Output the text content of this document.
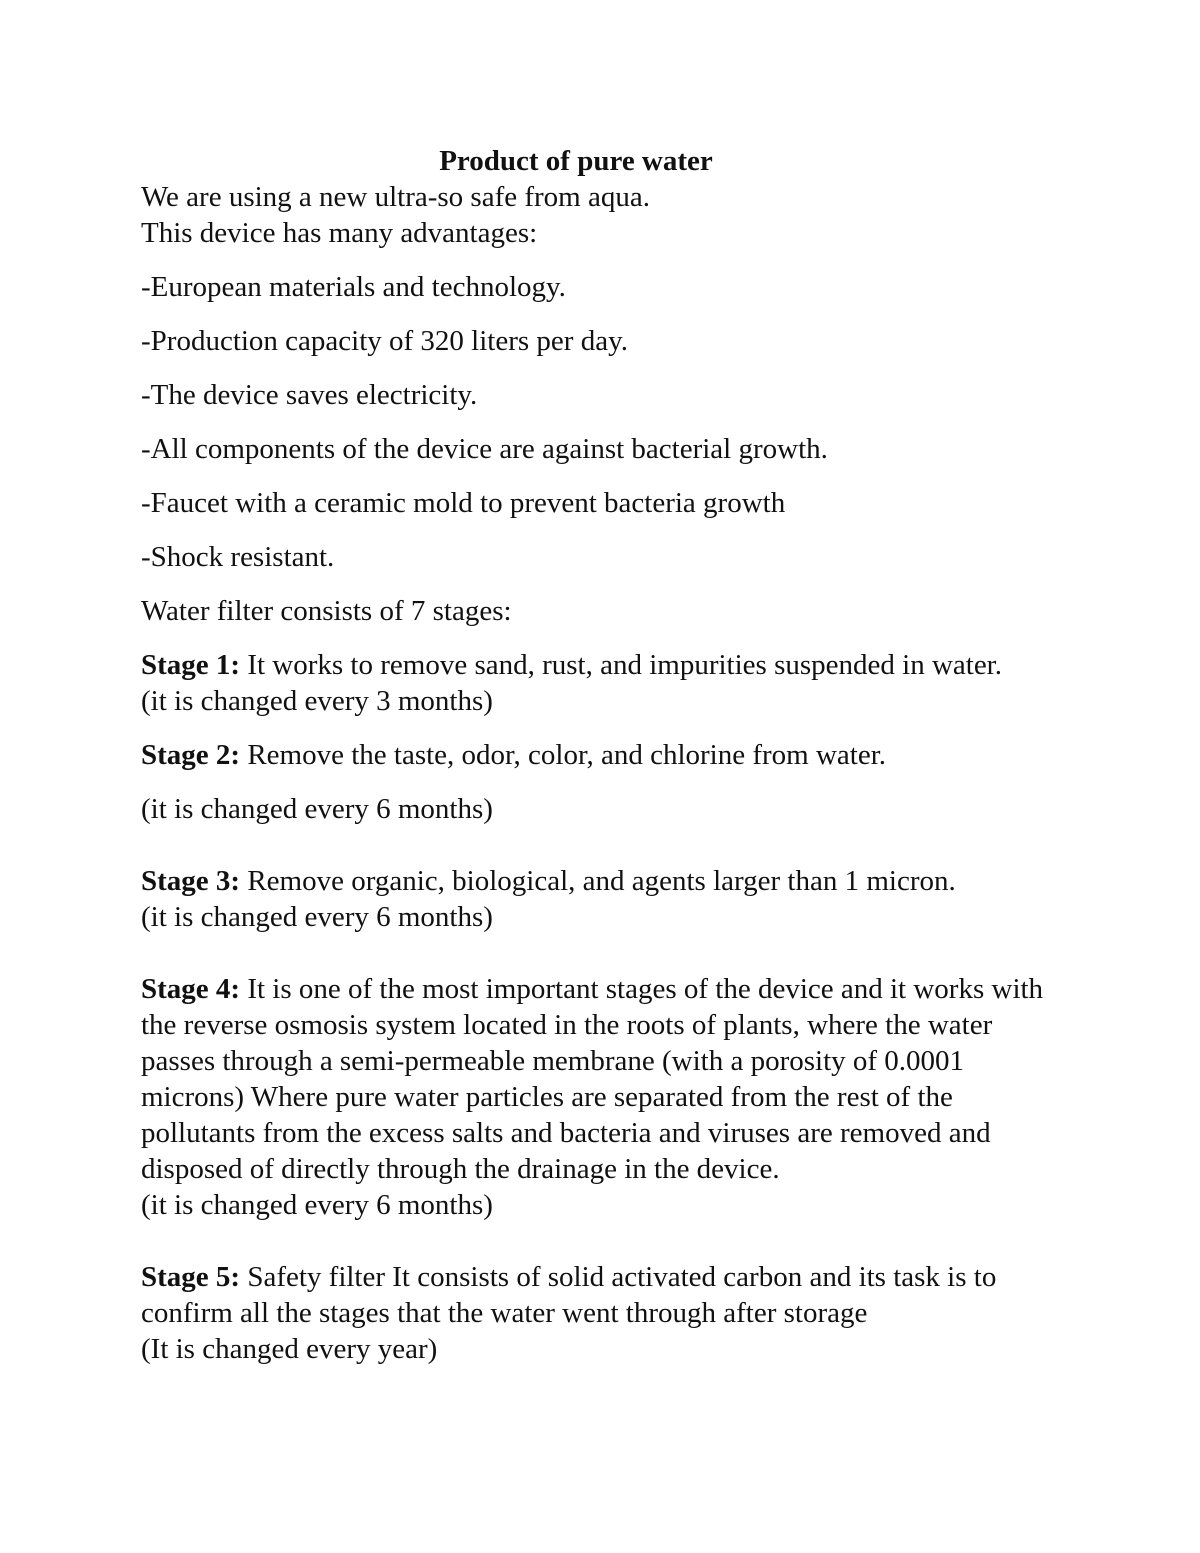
Product of pure water

We are using a new ultra-so safe from aqua.

This device has many advantages:

-European materials and technology.

-Production capacity of 320 liters per day.

-The device saves electricity.

-All components of the device are against bacterial growth.

-Faucet with a ceramic mold to prevent bacteria growth

-Shock resistant.

Water filter consists of 7 stages:

Stage 1: It works to remove sand, rust, and impurities suspended in water.

(it is changed every 3 months)

Stage 2: Remove the taste, odor, color, and chlorine from water.

(it is changed every 6 months)

Stage 3: Remove organic, biological, and agents larger than 1 micron.

(it is changed every 6 months)

Stage 4: It is one of the most important stages of the device and it works with the reverse osmosis system located in the roots of plants, where the water passes through a semi-permeable membrane (with a porosity of 0.0001 microns) Where pure water particles are separated from the rest of the pollutants from the excess salts and bacteria and viruses are removed and disposed of directly through the drainage in the device.

(it is changed every 6 months)

Stage 5: Safety filter It consists of solid activated carbon and its task is to confirm all the stages that the water went through after storage

(It is changed every year)
